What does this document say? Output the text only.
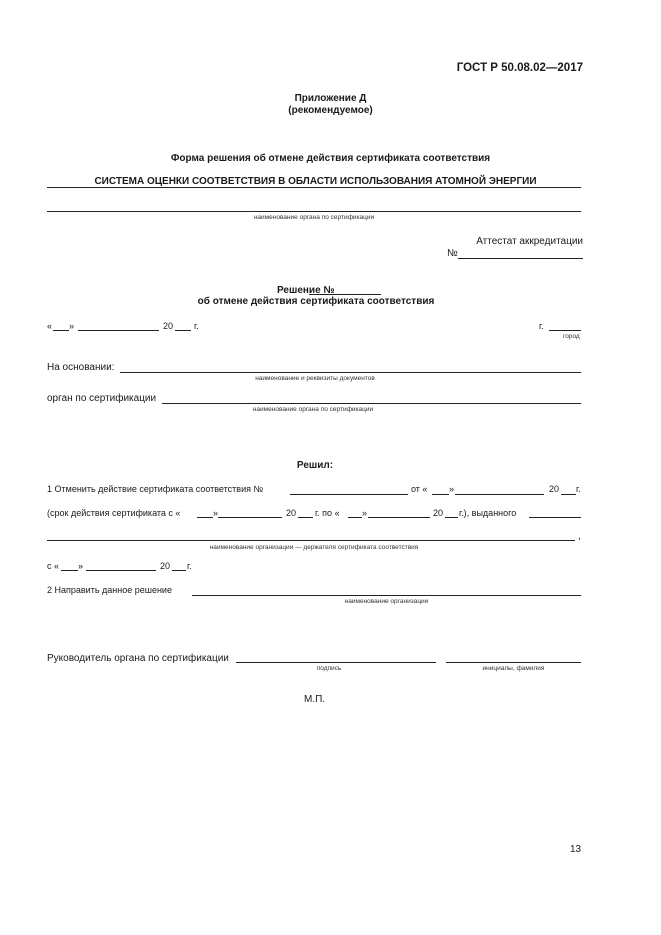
ГОСТ Р 50.08.02—2017
Приложение Д
(рекомендуемое)
Форма решения об отмене действия сертификата соответствия
СИСТЕМА ОЦЕНКИ СООТВЕТСТВИЯ В ОБЛАСТИ ИСПОЛЬЗОВАНИЯ АТОМНОЙ ЭНЕРГИИ
наименование органа по сертификации
Аттестат аккредитации
№
Решение №
об отмене действия сертификата соответствия
« »	20 г.	г.
город
На основании:
наименование и реквизиты документов
орган по сертификации
наименование органа по сертификации
Решил:
1 Отменить действие сертификата соответствия №	от « »	20 г.
(срок действия сертификата с «	»	20 г. по « »	20 г.), выданного
,
наименование организации — держателя сертификата соответствия
с « »	20 г.
2 Направить данное решение
наименование организации
Руководитель органа по сертификации
подпись	инициалы, фамилия
М.П.
13
